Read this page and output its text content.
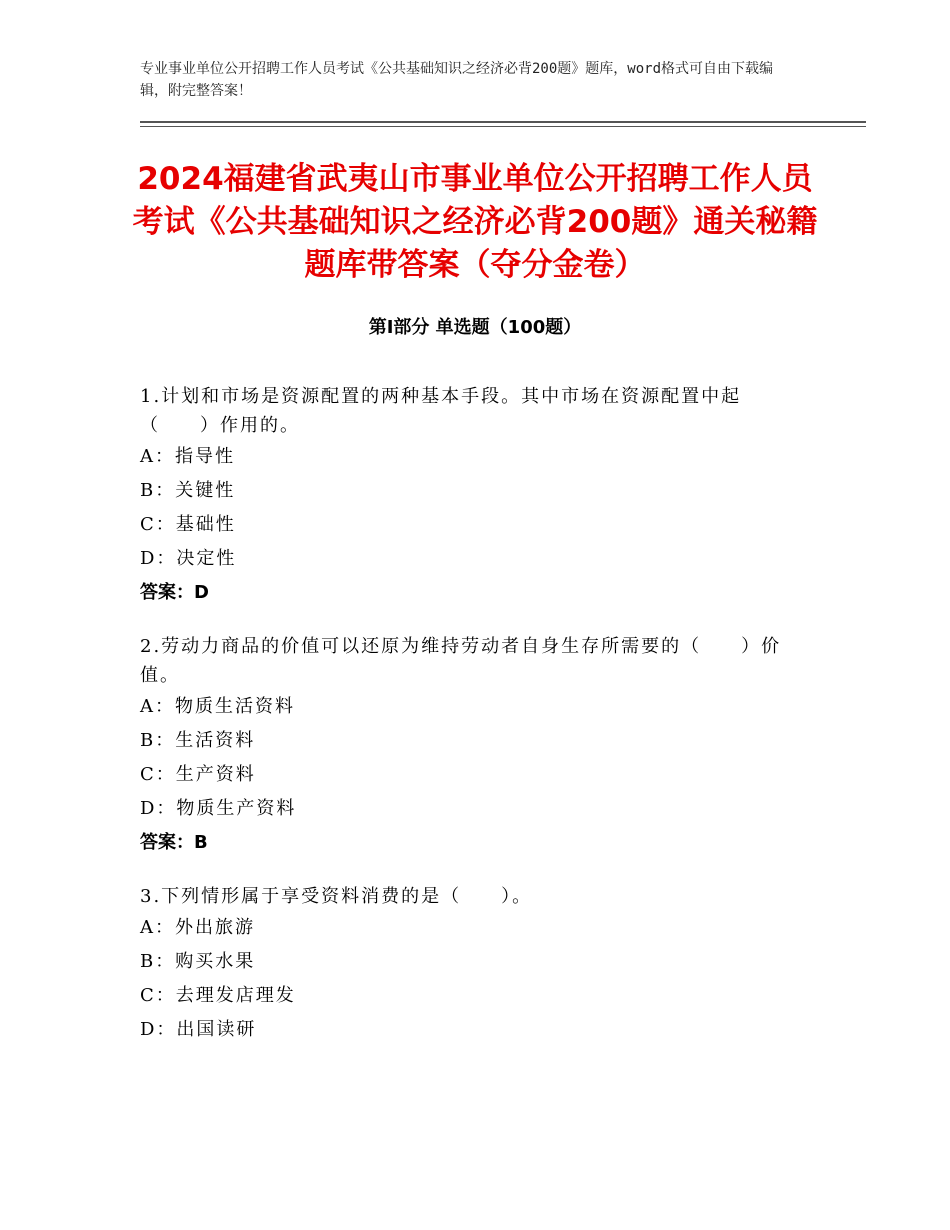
专业事业单位公开招聘工作人员考试《公共基础知识之经济必背200题》题库，word格式可自由下载编辑，附完整答案！
2024福建省武夷山市事业单位公开招聘工作人员考试《公共基础知识之经济必背200题》通关秘籍题库带答案（夺分金卷）
第Ⅰ部分 单选题（100题）
1.计划和市场是资源配置的两种基本手段。其中市场在资源配置中起（　　）作用的。
A：指导性
B：关键性
C：基础性
D：决定性
答案：D
2.劳动力商品的价值可以还原为维持劳动者自身生存所需要的（　　）价值。
A：物质生活资料
B：生活资料
C：生产资料
D：物质生产资料
答案：B
3.下列情形属于享受资料消费的是（　　）。
A：外出旅游
B：购买水果
C：去理发店理发
D：出国读研
